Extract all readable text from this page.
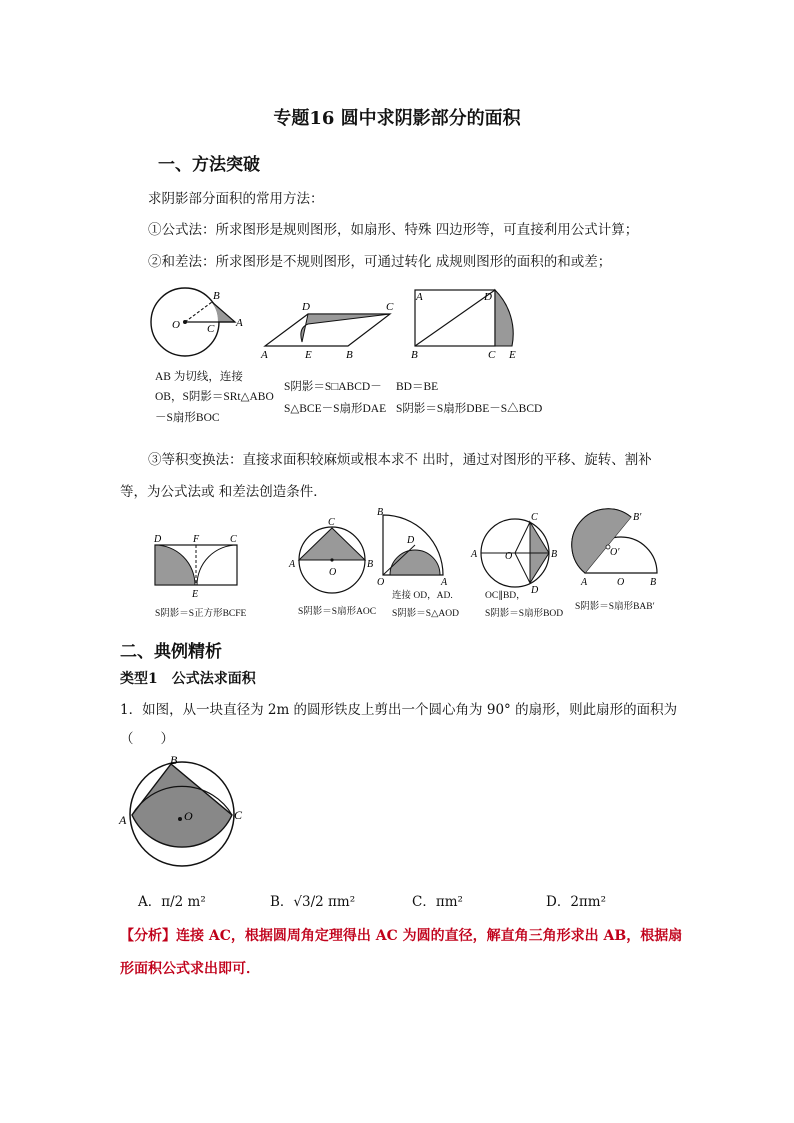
专题16 圆中求阴影部分的面积
一、方法突破
求阴影部分面积的常用方法：
①公式法：所求图形是规则图形，如扇形、特殊 四边形等，可直接利用公式计算；
②和差法：所求图形是不规则图形，可通过转化 成规则图形的面积的和或差；
O
B
A
C
D	C
A	E	B
A	D
B	C E
AB 为切线，连接
OB，S阴影＝SRt△ABO
－S扇形BOC
S阴影＝S□ABCD－
S△BCE－S扇形DAE
BD＝BE
S阴影＝S扇形DBE－S△BCD
③等积变换法：直接求面积较麻烦或根本求不 出时，通过对图形的平移、旋转、割补
等，为公式法或 和差法创造条件．
D	F	C
E
C
A	B
O
B
O
D
A
C
A	B
O
D
B′
O′
A	O	B
S阴影＝S正方形BCFE	S阴影＝S扇形AOC
连接 OD，AD.
S阴影＝S△AOD
OC∥BD，
S阴影＝S扇形BOD
S阴影＝S扇形BAB′
二、典例精析
类型1　公式法求面积
1．如图，从一块直径为 2m 的圆形铁皮上剪出一个圆心角为 90° 的扇形，则此扇形的面积为
（　　）
B
A	C
O
A．π/2 m²	B．√3/2 πm²	C．πm²	D．2πm²
【分析】连接 AC，根据圆周角定理得出 AC 为圆的直径，解直角三角形求出 AB，根据扇
形面积公式求出即可．
